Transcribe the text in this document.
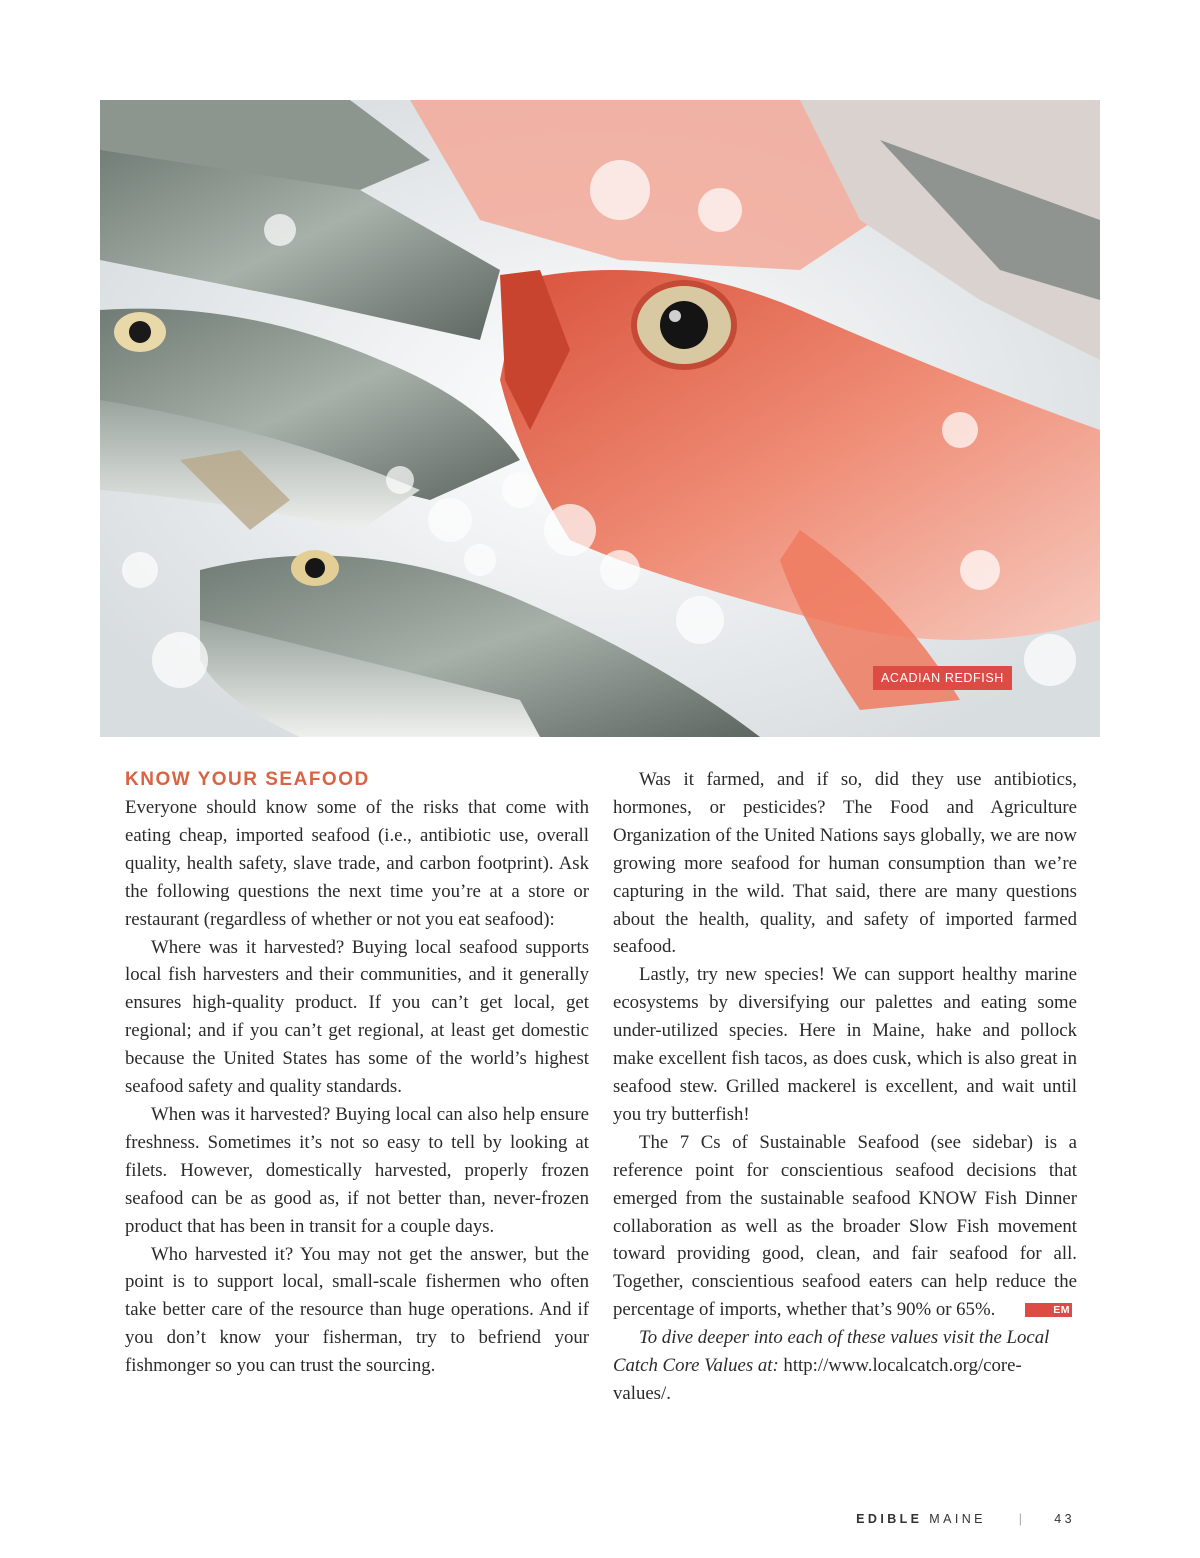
ACADIAN REDFISH
KNOW YOUR SEAFOOD

Everyone should know some of the risks that come with eating cheap, imported seafood (i.e., antibiotic use, overall quality, health safety, slave trade, and carbon footprint). Ask the following questions the next time you’re at a store or restaurant (regardless of whether or not you eat seafood):

Where was it harvested? Buying local seafood supports local fish harvesters and their communities, and it generally ensures high-quality product. If you can’t get local, get regional; and if you can’t get regional, at least get domestic because the United States has some of the world’s highest seafood safety and quality standards.

When was it harvested? Buying local can also help ensure freshness. Sometimes it’s not so easy to tell by looking at filets. However, domestically harvested, properly frozen seafood can be as good as, if not better than, never-frozen product that has been in transit for a couple days.

Who harvested it? You may not get the answer, but the point is to support local, small-scale fishermen who often take better care of the resource than huge operations. And if you don’t know your fisherman, try to befriend your fishmonger so you can trust the sourcing.

Was it farmed, and if so, did they use antibiotics, hormones, or pesticides? The Food and Agriculture Organization of the United Nations says globally, we are now growing more seafood for human consumption than we’re capturing in the wild. That said, there are many questions about the health, quality, and safety of imported farmed seafood.

Lastly, try new species! We can support healthy marine ecosystems by diversifying our palettes and eating some under-utilized species. Here in Maine, hake and pollock make excellent fish tacos, as does cusk, which is also great in seafood stew. Grilled mackerel is excellent, and wait until you try butterfish!

The 7 Cs of Sustainable Seafood (see sidebar) is a reference point for conscientious seafood decisions that emerged from the sustainable seafood KNOW Fish Dinner collaboration as well as the broader Slow Fish movement toward providing good, clean, and fair seafood for all. Together, conscientious seafood eaters can help reduce the percentage of imports, whether that’s 90% or 65%.	EM

To dive deeper into each of these values visit the Local Catch Core Values at: http://www.localcatch.org/core-values/.

EDIBLE MAINE	| 43
